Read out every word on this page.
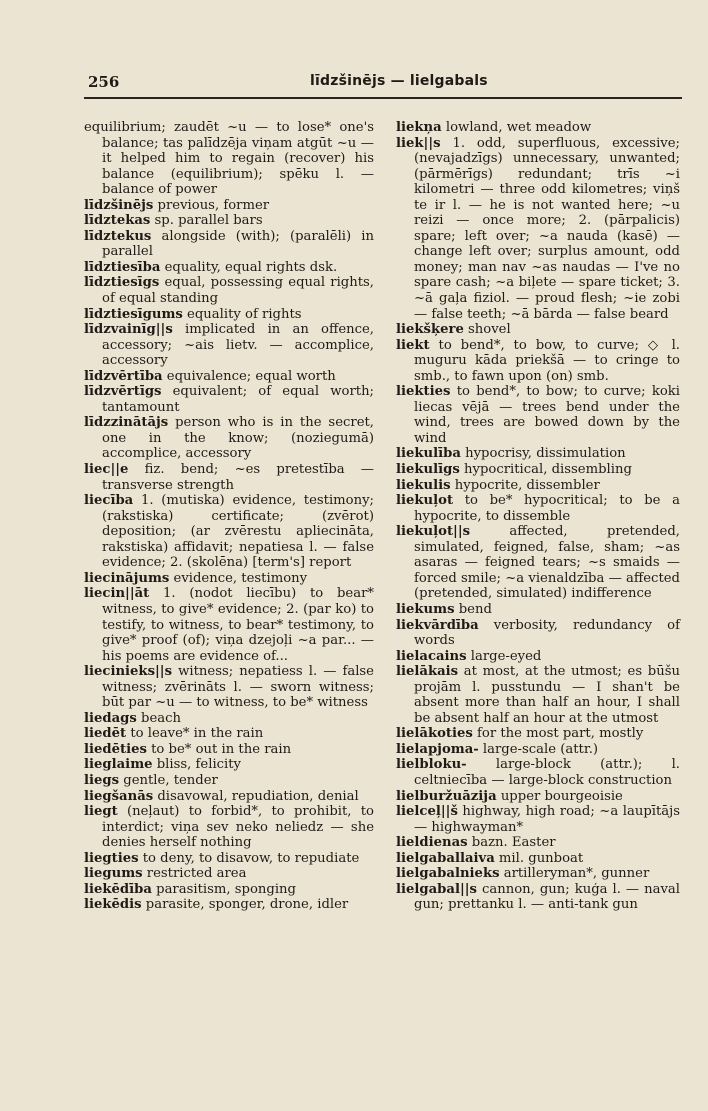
256	līdzšinējs — lielgabals

equilibrium; zaudēt ~u — to lose* one's balance; tas palīdzēja viņam atgūt ~u — it helped him to regain (recover) his balance (equilibrium); spēku l. — balance of power

līdzšinējs previous, former

līdztekas sp. parallel bars

līdztekus alongside (with); (paralēli) in parallel

līdztiesība equality, equal rights dsk.

līdztiesīgs equal, possessing equal rights, of equal standing

līdztiesīgums equality of rights

līdzvainīg||s implicated in an offence, accessory; ~ais lietv. — accomplice, accessory

līdzvērtība equivalence; equal worth

līdzvērtīgs equivalent; of equal worth; tantamount

līdzzinātājs person who is in the secret, one in the know; (noziegumā) accomplice, accessory

liec||e fiz. bend; ~es pretestība — transverse strength

liecība 1. (mutiska) evidence, testimony; (rakstiska) certificate; (zvērot) deposition; (ar zvērestu apliecināta, rakstiska) affidavit; nepatiesa l. — false evidence; 2. (skolēna) [term's] report

liecinājums evidence, testimony

liecin||āt 1. (nodot liecību) to bear* witness, to give* evidence; 2. (par ko) to testify, to witness, to bear* testimony, to give* proof (of); viņa dzejoļi ~a par... — his poems are evidence of...

liecinieks||s witness; nepatiess l. — false witness; zvērināts l. — sworn witness; būt par ~u — to witness, to be* witness

liedags beach

liedēt to leave* in the rain

liedēties to be* out in the rain

lieglaime bliss, felicity

liegs gentle, tender

liegšanās disavowal, repudiation, denial

liegt (neļaut) to forbid*, to prohibit, to interdict; viņa sev neko neliedz — she denies herself nothing

liegties to deny, to disavow, to repudiate

liegums restricted area

liekēdība parasitism, sponging

liekēdis parasite, sponger, drone, idler

liekņa lowland, wet meadow

liek||s 1. odd, superfluous, excessive; (nevajadzīgs) unnecessary, unwanted; (pārmērīgs) redundant; trīs ~i kilometri — three odd kilometres; viņš te ir l. — he is not wanted here; ~u reizi — once more; 2. (pārpalicis) spare; left over; ~a nauda (kasē) — change left over; surplus amount, odd money; man nav ~as naudas — I've no spare cash; ~a biļete — spare ticket; 3. ~ā gaļa fiziol. — proud flesh; ~ie zobi — false teeth; ~ā bārda — false beard

liekšķere shovel

liekt to bend*, to bow, to curve; ◇ l. muguru kāda priekšā — to cringe to smb., to fawn upon (on) smb.

liekties to bend*, to bow; to curve; koki liecas vējā — trees bend under the wind, trees are bowed down by the wind

liekulība hypocrisy, dissimulation

liekulīgs hypocritical, dissembling

liekulis hypocrite, dissembler

liekuļot to be* hypocritical; to be a hypocrite, to dissemble

liekuļot||s affected, pretended, simulated, feigned, false, sham; ~as asaras — feigned tears; ~s smaids — forced smile; ~a vienaldzība — affected (pretended, simulated) indifference

liekums bend

liekvārdība verbosity, redundancy of words

lielacains large-eyed

lielākais at most, at the utmost; es būšu projām l. pusstundu — I shan't be absent more than half an hour, I shall be absent half an hour at the utmost

lielākoties for the most part, mostly

lielapjoma- large-scale (attr.)

lielbloku- large-block (attr.); l. celtniecība — large-block construction

lielburžuāzija upper bourgeoisie

lielceļ||š highway, high road; ~a laupītājs — highwayman*

lieldienas bazn. Easter

lielgaballaiva mil. gunboat

lielgabalnieks artilleryman*, gunner

lielgabal||s cannon, gun; kuģa l. — naval gun; prettanku l. — anti-tank gun
